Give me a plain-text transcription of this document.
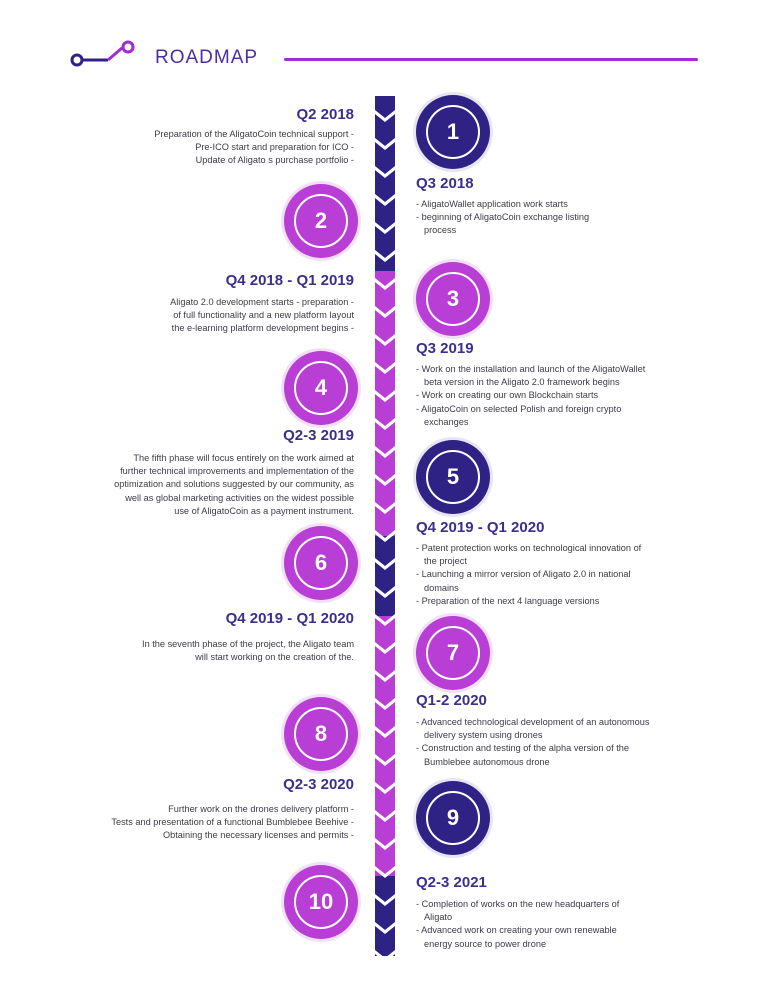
ROADMAP
Q2 2018
Preparation of the AligatoCoin technical support -
Pre-ICO start and preparation for ICO -
Update of Aligato s purchase portfolio -
1
2
Q3 2018
- AligatoWallet application work starts
- beginning of AligatoCoin exchange listing
process
Q4 2018 - Q1 2019
Aligato 2.0 development starts - preparation -
of full functionality and a new platform layout
the e-learning platform development begins -
3
4
Q3 2019
- Work on the installation and launch of the AligatoWallet
beta version in the Aligato 2.0 framework begins
- Work on creating our own Blockchain starts
- AligatoCoin on selected Polish and foreign crypto
exchanges
Q2-3 2019
The fifth phase will focus entirely on the work aimed at
further technical improvements and implementation of the
optimization and solutions suggested by our community, as
well as global marketing activities on the widest possible
use of AligatoCoin as a payment instrument.
5
6
Q4 2019 - Q1 2020
- Patent protection works on technological innovation of
the project
- Launching a mirror version of Aligato 2.0 in national
domains
- Preparation of the next 4 language versions
Q4 2019 - Q1 2020
In the seventh phase of the project, the Aligato team
will start working on the creation of the.	7
8
Q1-2 2020
- Advanced technological development of an autonomous
delivery system using drones
- Construction and testing of the alpha version of the
Bumblebee autonomous drone
Q2-3 2020
Further work on the drones delivery platform -
Tests and presentation of a functional Bumblebee Beehive -
Obtaining the necessary licenses and permits -
9
10
Q2-3 2021
- Completion of works on the new headquarters of
Aligato
- Advanced work on creating your own renewable
energy source to power drone
